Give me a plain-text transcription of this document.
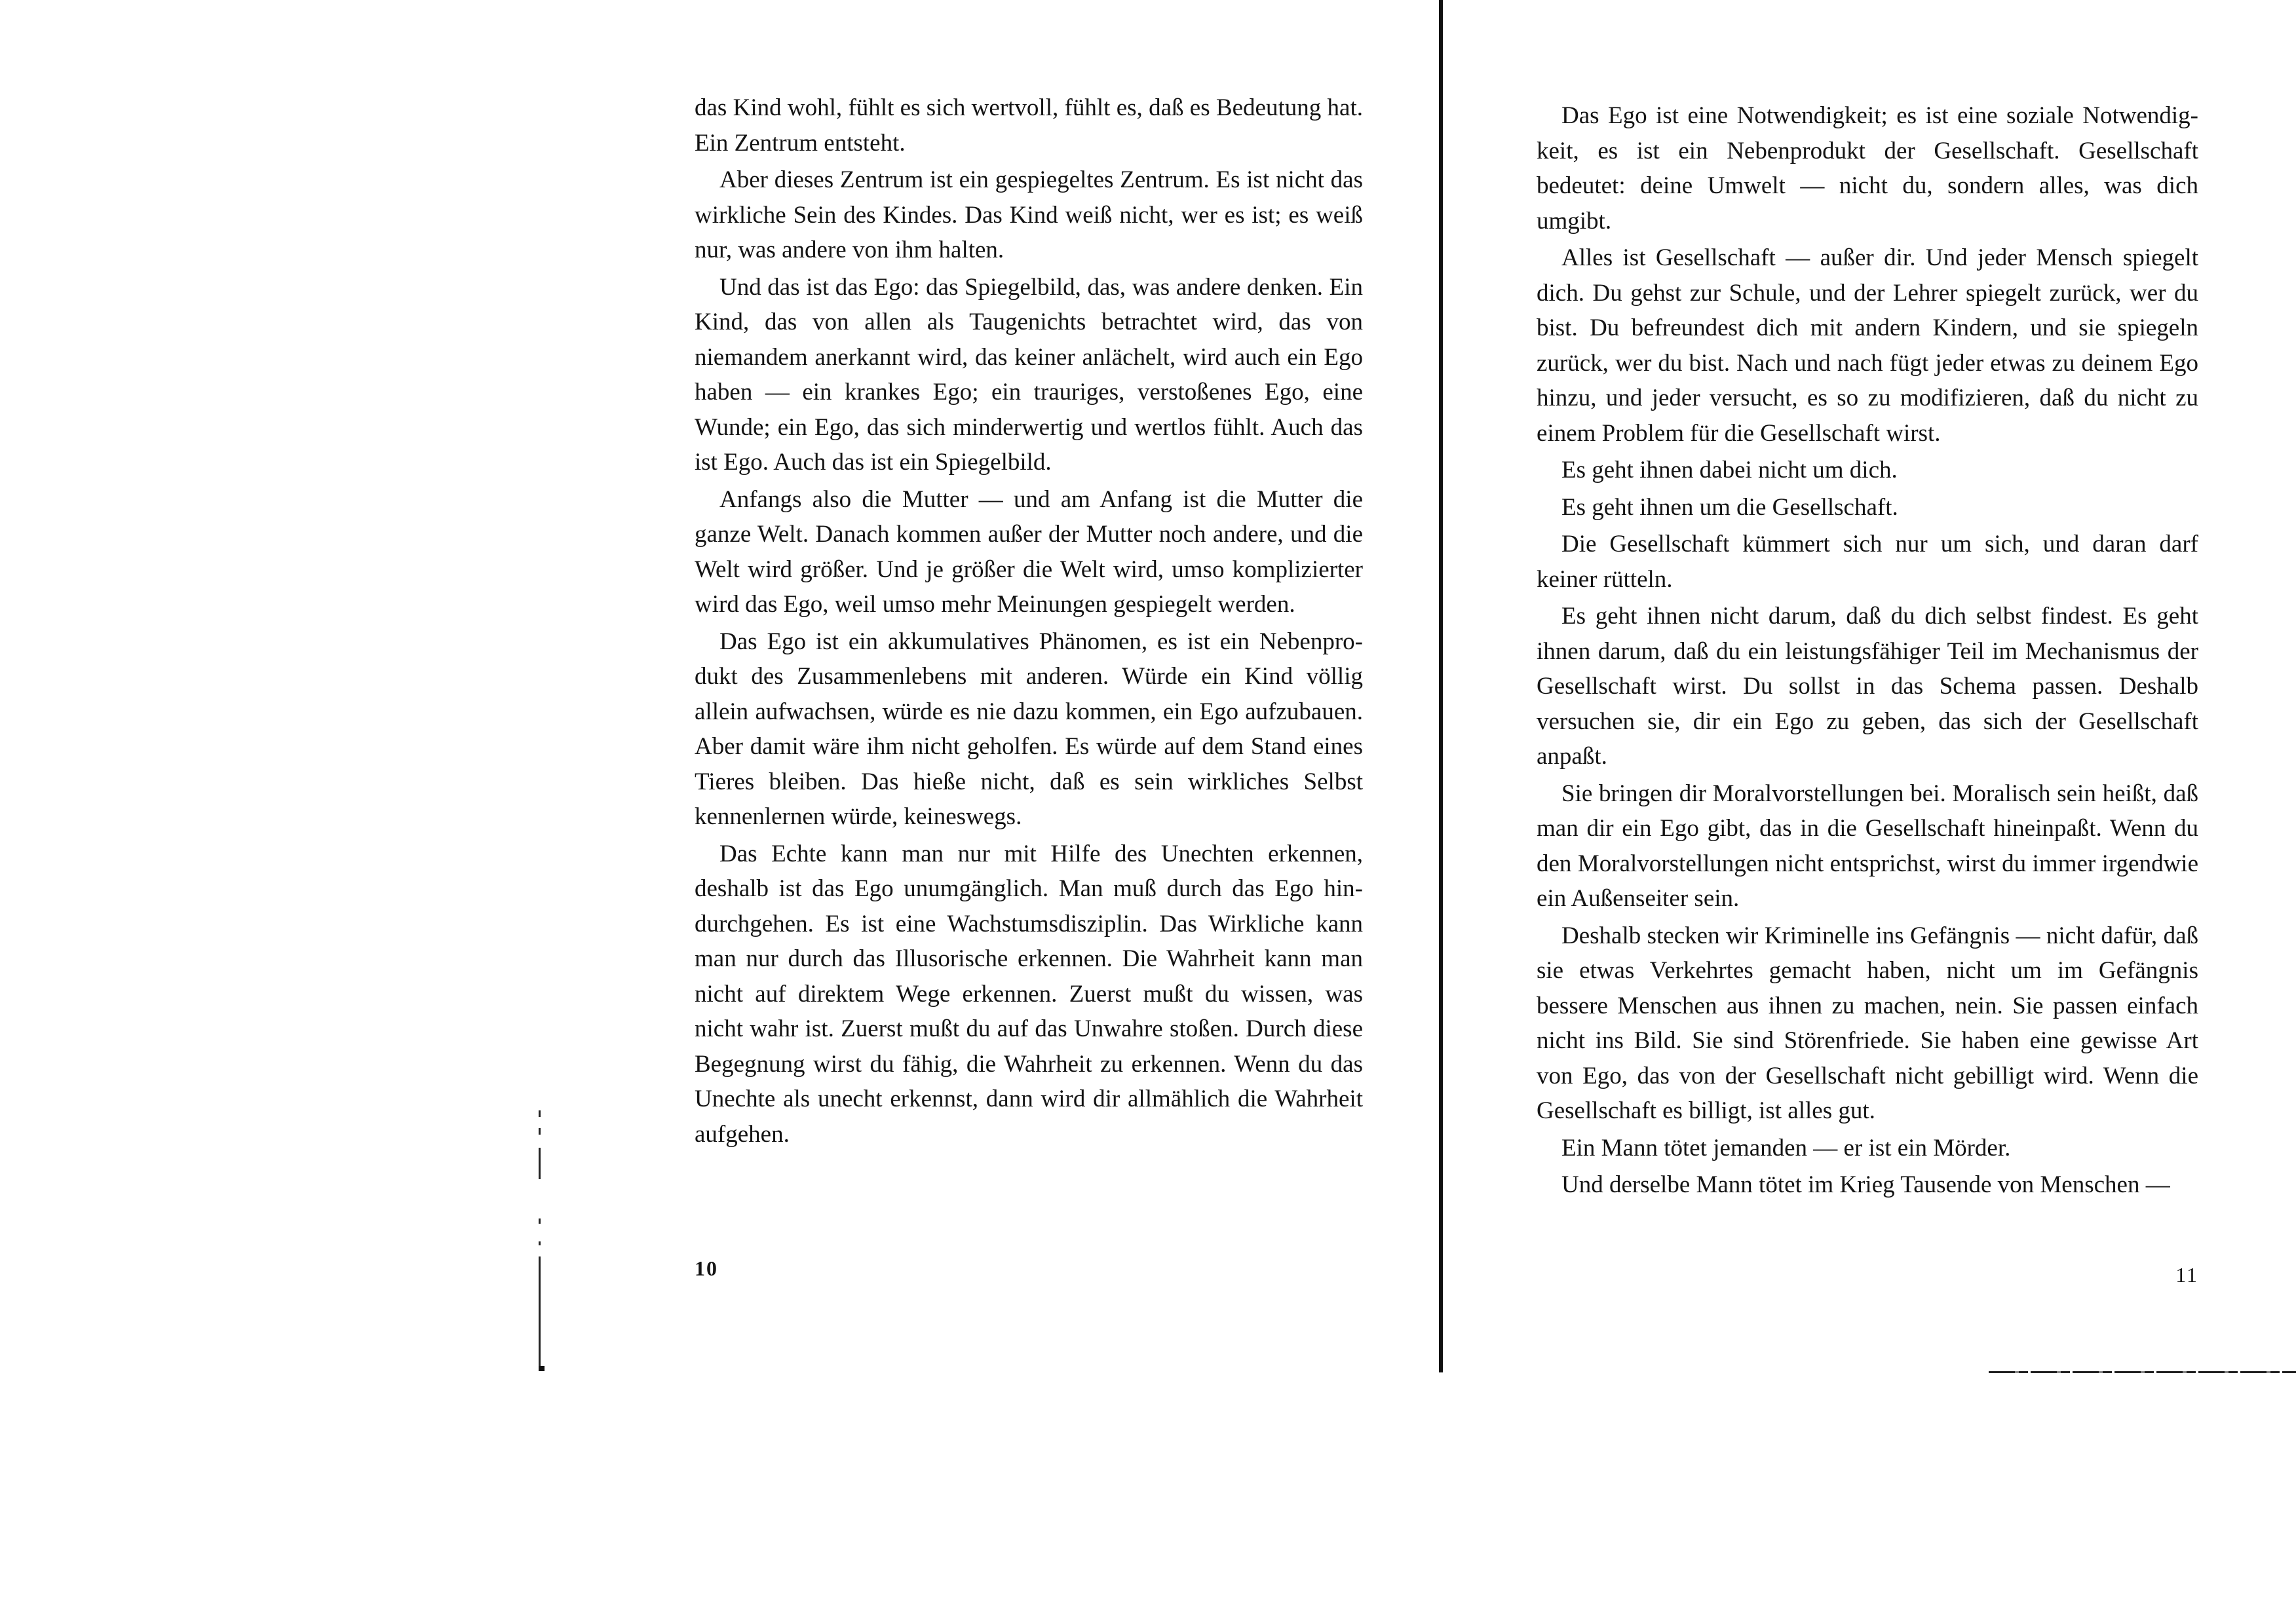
das Kind wohl, fühlt es sich wertvoll, fühlt es, daß es Bedeutung hat. Ein Zentrum entsteht.

Aber dieses Zentrum ist ein gespiegeltes Zentrum. Es ist nicht das wirkliche Sein des Kindes. Das Kind weiß nicht, wer es ist; es weiß nur, was andere von ihm halten.

Und das ist das Ego: das Spiegelbild, das, was andere denken. Ein Kind, das von allen als Taugenichts betrachtet wird, das von niemandem anerkannt wird, das keiner anlächelt, wird auch ein Ego haben — ein krankes Ego; ein trauriges, verstoßenes Ego, eine Wunde; ein Ego, das sich minderwertig und wertlos fühlt. Auch das ist Ego. Auch das ist ein Spiegelbild.

Anfangs also die Mutter — und am Anfang ist die Mutter die ganze Welt. Danach kommen außer der Mutter noch andere, und die Welt wird größer. Und je größer die Welt wird, umso komplizierter wird das Ego, weil umso mehr Meinungen gespiegelt werden.

Das Ego ist ein akkumulatives Phänomen, es ist ein Nebenprodukt des Zusammenlebens mit anderen. Würde ein Kind völlig allein aufwachsen, würde es nie dazu kommen, ein Ego aufzubauen. Aber damit wäre ihm nicht geholfen. Es würde auf dem Stand eines Tieres bleiben. Das hieße nicht, daß es sein wirkliches Selbst kennenlernen würde, keineswegs.

Das Echte kann man nur mit Hilfe des Unechten erkennen, deshalb ist das Ego unumgänglich. Man muß durch das Ego hindurchgehen. Es ist eine Wachstumsdisziplin. Das Wirkliche kann man nur durch das Illusorische erkennen. Die Wahrheit kann man nicht auf direktem Wege erkennen. Zuerst mußt du wissen, was nicht wahr ist. Zuerst mußt du auf das Unwahre stoßen. Durch diese Begegnung wirst du fähig, die Wahrheit zu erkennen. Wenn du das Unechte als unecht erkennst, dann wird dir allmählich die Wahrheit aufgehen.

10

Das Ego ist eine Notwendigkeit; es ist eine soziale Notwendigkeit, es ist ein Nebenprodukt der Gesellschaft. Gesellschaft bedeutet: deine Umwelt — nicht du, sondern alles, was dich umgibt.

Alles ist Gesellschaft — außer dir. Und jeder Mensch spiegelt dich. Du gehst zur Schule, und der Lehrer spiegelt zurück, wer du bist. Du befreundest dich mit andern Kindern, und sie spiegeln zurück, wer du bist. Nach und nach fügt jeder etwas zu deinem Ego hinzu, und jeder versucht, es so zu modifizieren, daß du nicht zu einem Problem für die Gesellschaft wirst.

Es geht ihnen dabei nicht um dich.

Es geht ihnen um die Gesellschaft.

Die Gesellschaft kümmert sich nur um sich, und daran darf keiner rütteln.

Es geht ihnen nicht darum, daß du dich selbst findest. Es geht ihnen darum, daß du ein leistungsfähiger Teil im Mechanismus der Gesellschaft wirst. Du sollst in das Schema passen. Deshalb versuchen sie, dir ein Ego zu geben, das sich der Gesellschaft anpaßt.

Sie bringen dir Moralvorstellungen bei. Moralisch sein heißt, daß man dir ein Ego gibt, das in die Gesellschaft hineinpaßt. Wenn du den Moralvorstellungen nicht entsprichst, wirst du immer irgendwie ein Außenseiter sein.

Deshalb stecken wir Kriminelle ins Gefängnis — nicht dafür, daß sie etwas Verkehrtes gemacht haben, nicht um im Gefängnis bessere Menschen aus ihnen zu machen, nein. Sie passen einfach nicht ins Bild. Sie sind Störenfriede. Sie haben eine gewisse Art von Ego, das von der Gesellschaft nicht gebilligt wird. Wenn die Gesellschaft es billigt, ist alles gut.

Ein Mann tötet jemanden — er ist ein Mörder.

Und derselbe Mann tötet im Krieg Tausende von Menschen —

11
